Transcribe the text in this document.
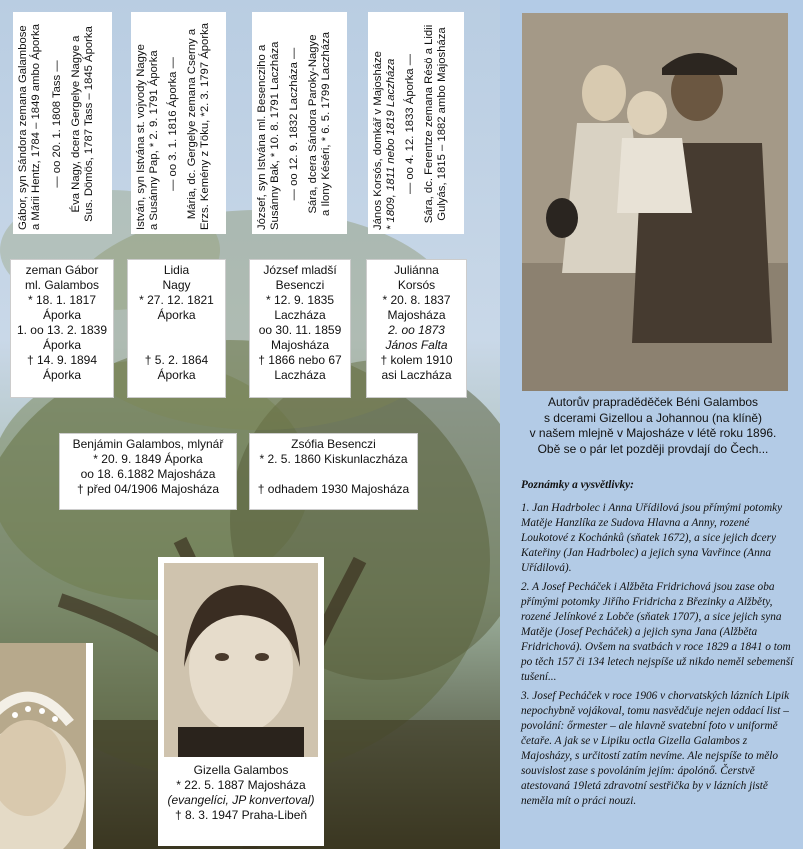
Gábor, syn Sándora zemana Galambose a Márii Hentz, 1784 – 1849 ambo Áporka — oo 20. 1. 1808 Tass — Éva Nagy, dcera Gergelye Nagye a Sus. Dömös, 1787 Tass – 1845 Áporka	István, syn Istvána st. vojvody Nagye a Susánny Pap, * 2. 9. 1791 Áporka — oo 3. 1. 1816 Áporka — Mária, dc. Gergelye zemana Cserny a Erzs. Kemény z Töku, *2. 3. 1797 Áporka	József, syn Istvána ml. Besencziho a Susánny Bak, * 10. 8. 1791 Laczháza — oo 12. 9. 1832 Laczháza — Sára, dcera Sándora Paroky-Nagye a Ilony Késéri, * 6. 5. 1799 Laczháza	János Korsós, domkář v Majosháze * 1809, 1811 nebo 1819 Laczháza — oo 4. 12. 1833 Áporka — Sára, dc. Ferentze zemana Résö a Lidii Gulyás, 1815 – 1882 ambo Majosháza
zeman Gábor
ml. Galambos
* 18. 1. 1817
Áporka
1. oo 13. 2. 1839
Áporka
† 14. 9. 1894
Áporka
Lidia
Nagy
* 27. 12. 1821
Áporka
† 5. 2. 1864
Áporka
József mladší
Besenczi
* 12. 9. 1835
Laczháza
oo 30. 11. 1859
Majosháza
† 1866 nebo 67
Laczháza
Juliánna
Korsós
* 20. 8. 1837
Majosháza
2. oo 1873
János Falta
† kolem 1910
asi Laczháza
Benjámin Galambos, mlynář
* 20. 9. 1849 Áporka
oo 18. 6.1882 Majosháza
† před 04/1906 Majosháza
Zsófia Besenczi
* 2. 5. 1860 Kiskunlaczháza
† odhadem 1930 Majosháza
Gizella Galambos
* 22. 5. 1887 Majosháza
(evangelíci, JP konvertoval)
† 8. 3. 1947 Praha-Libeň
Autorův prapraděděček Béni Galambos
s dcerami Gizellou a Johannou (na klíně)
v našem mlejně v Majosháze v létě roku 1896.
Obě se o pár let později provdají do Čech...

Poznámky a vysvětlivky:

1. Jan Hadrbolec i Anna Uřídilová jsou přímými potomky Matěje Hanzlíka ze Sudova Hlavna a Anny, rozené Loukotové z Kochánků (sňatek 1672), a sice jejich dcery Kateřiny (Jan Hadrbolec) a jejich syna Vavřince (Anna Uřídilová).

2. A Josef Pecháček i Alžběta Fridrichová jsou zase oba přímými potomky Jiřího Fridricha z Březinky a Alžběty, rozené Jelínkové z Lobče (sňatek 1707), a sice jejich syna Matěje (Josef Pecháček) a jejich syna Jana (Alžběta Fridrichová). Ovšem na svatbách v roce 1829 a 1841 o tom po těch 157 či 134 letech nejspíše už nikdo neměl sebemenší tušení...

3. Josef Pecháček v roce 1906 v chorvatských lázních Lipik nepochybně vojákoval, tomu nasvědčuje nejen oddací list – povolání: őrmester – ale hlavně svatební foto v uniformě četaře. A jak se v Lipiku octla Gizella Galambos z Majosházy, s určitostí zatím nevíme. Ale nejspíše to mělo souvislost zase s povoláním jejím: ápolónő. Čerstvě atestovaná 19letá zdravotní sestřička by v lázních jistě neměla mít o práci nouzi.
